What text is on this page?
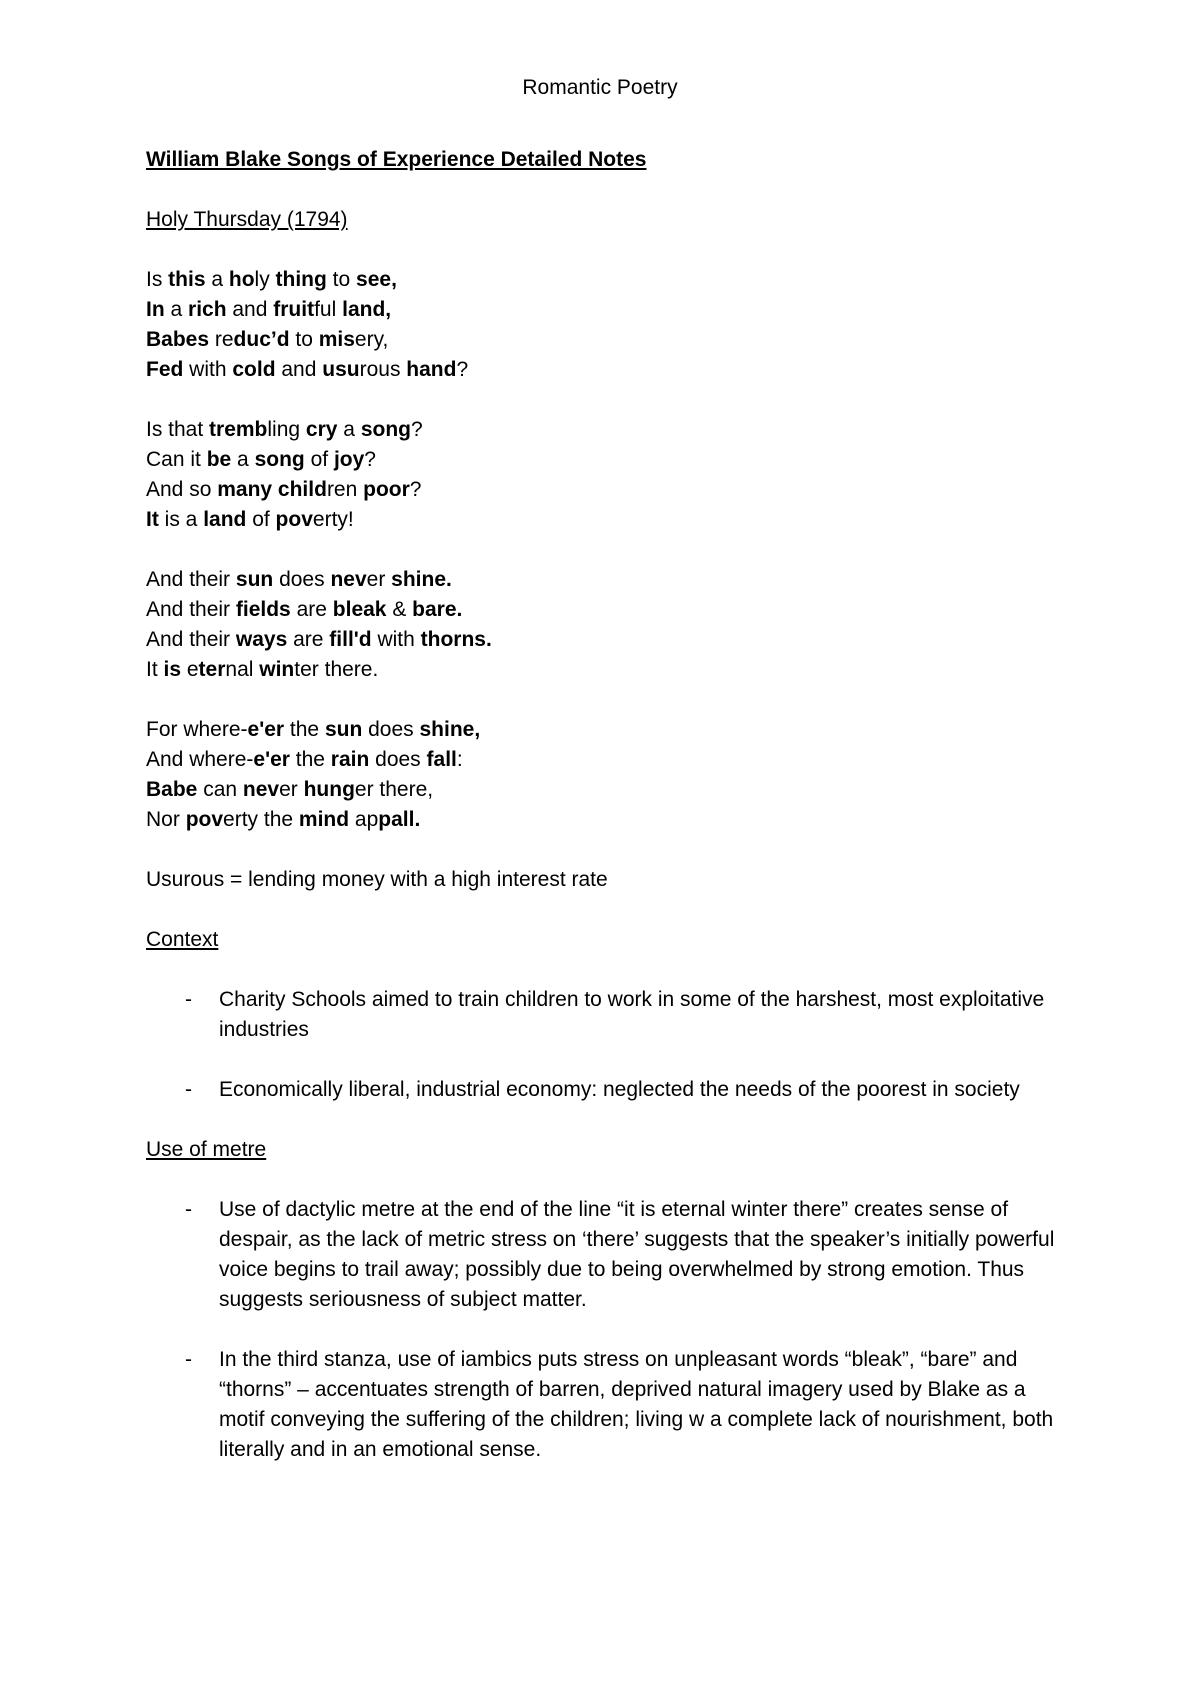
Romantic Poetry
William Blake Songs of Experience Detailed Notes
Holy Thursday (1794)
Is this a holy thing to see,
In a rich and fruitful land,
Babes reduc’d to misery,
Fed with cold and usurous hand?
Is that trembling cry a song?
Can it be a song of joy?
And so many children poor?
It is a land of poverty!
And their sun does never shine.
And their fields are bleak & bare.
And their ways are fill'd with thorns.
It is eternal winter there.
For where-e'er the sun does shine,
And where-e'er the rain does fall:
Babe can never hunger there,
Nor poverty the mind appall.
Usurous = lending money with a high interest rate
Context
- Charity Schools aimed to train children to work in some of the harshest, most exploitative industries
- Economically liberal, industrial economy: neglected the needs of the poorest in society
Use of metre
- Use of dactylic metre at the end of the line “it is eternal winter there” creates sense of despair, as the lack of metric stress on ‘there’ suggests that the speaker’s initially powerful voice begins to trail away; possibly due to being overwhelmed by strong emotion. Thus suggests seriousness of subject matter.
- In the third stanza, use of iambics puts stress on unpleasant words “bleak”, “bare” and “thorns” – accentuates strength of barren, deprived natural imagery used by Blake as a motif conveying the suffering of the children; living w a complete lack of nourishment, both literally and in an emotional sense.
